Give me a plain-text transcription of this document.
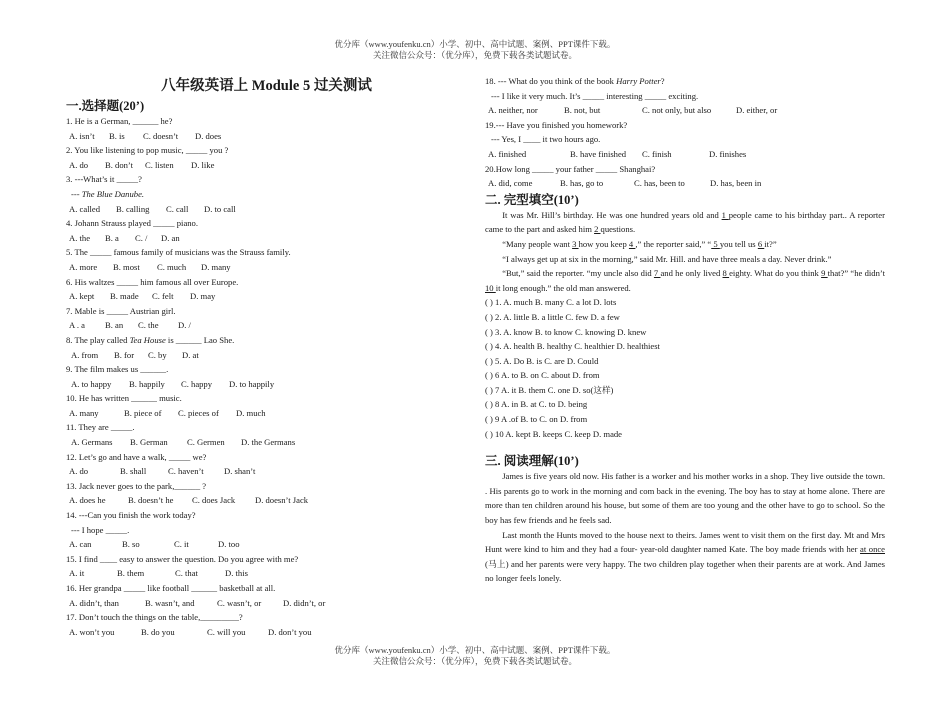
优分库（www.youfenku.cn）小学、初中、高中试题、案例、PPT课件下载。
关注微信公众号：（优分库），免费下载各类试题试卷。
八年级英语上 Module 5 过关测试
一.选择题(20’)
1. He is a German, ______ he?
A. isn’t B. is C. doesn’t D. does
2. You like listening to pop music, _____ you ?
A. do B. don’t C. listen D. like
3. ---What’s it _____?
--- The Blue Danube.
A. called B. calling C. call D. to call
4. Johann Strauss played _____ piano.
A. the B. a C. / D. an
5. The _____ famous family of musicians was the Strauss family.
A. more B. most C. much D. many
6. His waltzes _____ him famous all over Europe.
A. kept B. made C. felt D. may
7. Mable is _____ Austrian girl.
A . a B. an C. the D. /
8. The play called Tea House is ______ Lao She.
A. from B. for C. by D. at
9. The film makes us ______.
A. to happy B. happily C. happy D. to happily
10. He has written ______ music.
A. many	B. piece of C. pieces of D. much
11. They are _____.
A. Germans B. German C. Germen D. the Germans
12. Let’s go and have a walk, _____ we?
A. do	B. shall	C. haven’t D. shan’t
13. Jack never goes to the park,______ ?
A. does he	B. doesn’t he C. does Jack D. doesn’t Jack
14. ---Can you finish the work today?
--- I hope _____.
A. can	B. so	C. it	D. too
15. I find ____ easy to answer the question. Do you agree with me?
A. it	B. them	C. that	D. this
16. Her grandpa _____ like football ______ basketball at all.
A. didn’t, than	B. wasn’t, and	C. wasn’t, or	D. didn’t, or
17. Don’t touch the things on the table,_________?
A. won’t you	B. do you	C. will you	D. don’t you
18. --- What do you think of the book Harry Potter?
--- I like it very much. It’s _____ interesting _____ exciting.
A. neither, nor	B. not, but	C. not only, but also	D. either, or
19.--- Have you finished you homework?
--- Yes, I ____ it two hours ago.
A. finished	B. have finished C. finish	D. finishes
20.How long _____ your father _____ Shanghai?
A. did, come	B. has, go to	C. has, been to	D. has, been in
二. 完型填空(10’)
It was Mr. Hill’s birthday. He was one hundred years old and 1 people came to his birthday part.. A reporter came to the part and asked him 2 questions.
“Many people want 3 how you keep 4 ,” the reporter said,” “ 5 you tell us 6 it?”
“I always get up at six in the morning,” said Mr. Hill. and have three meals a day. Never drink.”
“But,” said the reporter. “my uncle also did 7 and he only lived 8 eighty. What do you think 9 that?” “he didn’t 10 it long enough.” the old man answered.
( ) 1. A. much B. many C. a lot D. lots
( ) 2. A. little B. a little C. few D. a few
( ) 3. A. know B. to know C. knowing D. knew
( ) 4. A. health B. healthy C. healthier D. healthiest
( ) 5. A. Do B. is C. are D. Could
( ) 6 A. to B. on C. about D. from
( ) 7 A. it B. them C. one D. so(这样)
( ) 8 A. in B. at C. to D. being
( ) 9 A .of B. to C. on D. from
( ) 10 A. kept B. keeps C. keep D. made
三. 阅读理解(10’)
James is five years old now. His father is a worker and his mother works in a shop. They live outside the town. . His parents go to work in the morning and com back in the evening. The boy has to stay at home alone. There are more than ten children around his house, but some of them are too young and the other have to go to school. So the boy has few friends and he feels sad.
Last month the Hunts moved to the house next to theirs. James went to visit them on the first day. Mt and Mrs Hunt were kind to him and they had a four- year-old daughter named Kate. The boy made friends with her at once (马上) and her parents were very happy. The two children play together when their parents are at work. And James no longer feels lonely.
优分库（www.youfenku.cn）小学、初中、高中试题、案例、PPT课件下载。
关注微信公众号：（优分库），免费下载各类试题试卷。
